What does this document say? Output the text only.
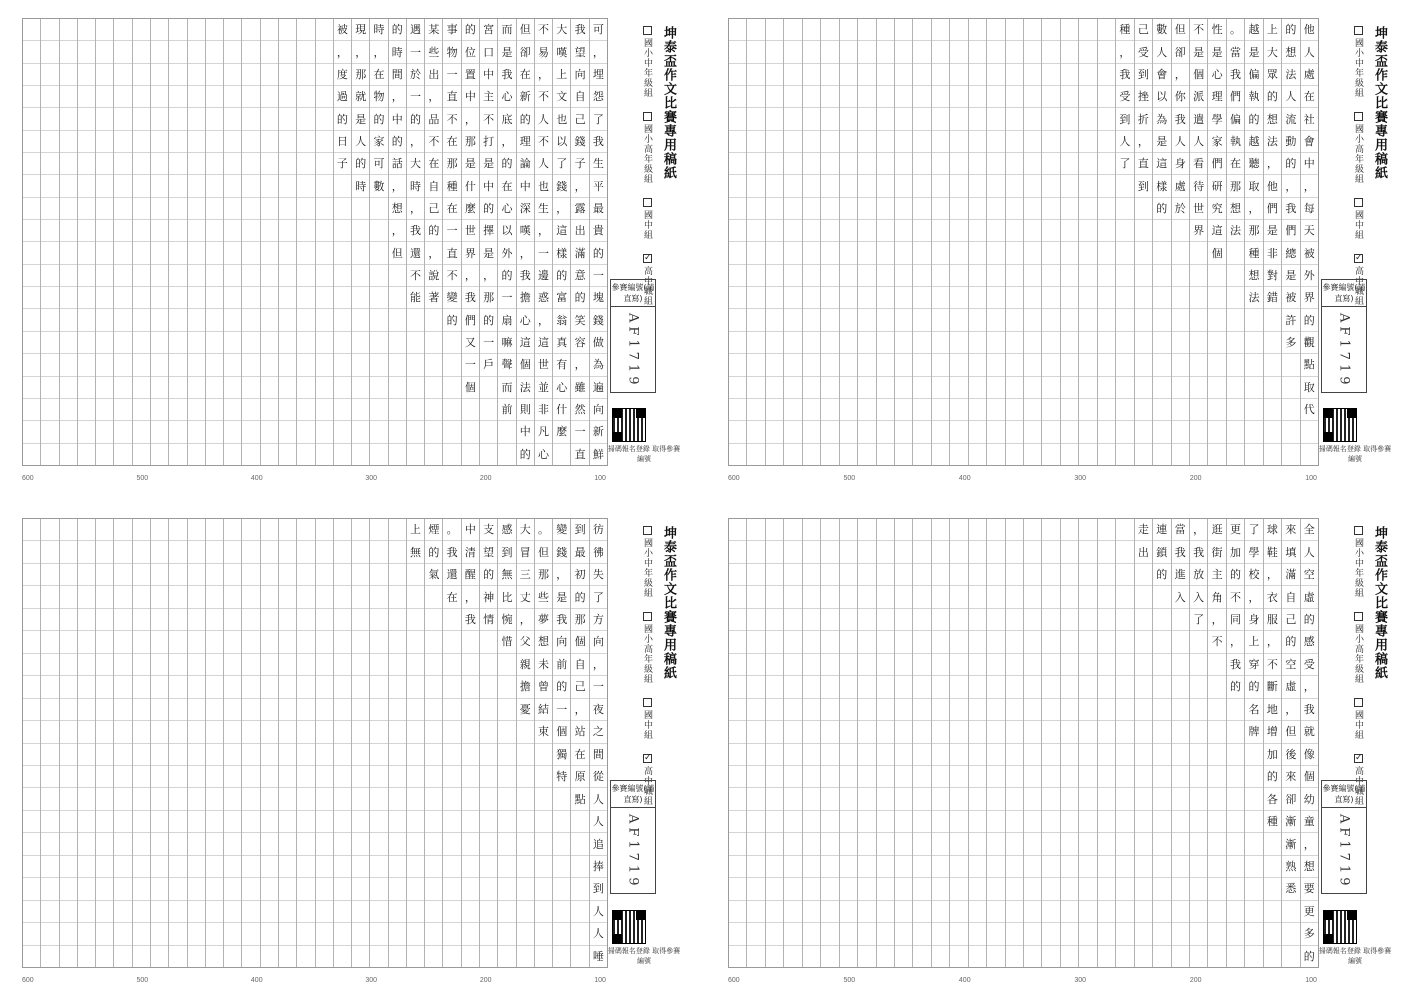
可
，
埋
怨
了
我
生
平
最
貴
的
一
塊
錢
做
為
遍
向
新
鮮
我
望
向
自
己
錢
子
，
露
出
滿
意
的
笑
容
，
雖
然
一
直
大
嘆
上
文
也
以
了
錢
，
這
樣
的
富
翁
真
有
心
什
麼
不
易
，
不
人
不
人
也
生
，
一
邊
惑
，
這
世
並
非
凡
心
但
卻
在
新
的
理
論
中
深
嘆
，
我
擔
心
這
個
法
則
中
的
而
是
我
心
底
，
的
在
心
以
外
的
一
扇
嘛
聲
而
前
宮
口
中
主
不
打
是
中
的
擇
是
，
那
的
一
戶
的
位
置
中
，
那
是
什
麼
世
界
，
我
們
又
一
個
事
物
一
直
不
在
那
種
在
一
直
不
變
的
某
些
出
，
品
不
在
自
己
的
，
說
著
遇
一
於
一
的
，
大
時
，
我
還
不
能
的
時
間
，
中
的
話
，
想
，
但
時
，
在
物
的
家
可
數
現
，
那
就
是
人
的
時
被
，
度
過
的
日
子
600	500	400	300	200	100
坤泰盃作文比賽專用稿紙
國小中年級組
國小高年級組
國中組
✓
高中職組
參賽編號(請直寫)
AF1719
掃碼報名登錄 取得參賽編號
他
人
處
在
社
會
中
，
每
天
被
外
界
的
觀
點
取
代
的
想
法
人
流
動
的
，
我
們
總
是
被
許
多
上
大
眾
的
想
法
，
他
們
是
非
對
錯
越
是
偏
執
的
越
聽
取
，
那
種
想
法
。
當
我
們
偏
執
在
那
想
法
性
是
心
理
學
家
們
研
究
這
個
不
是
個
派
遣
人
看
待
世
界
但
卻
，
你
我
人
身
處
於
數
人
會
以
為
是
這
樣
的
己
受
到
挫
折
，
直
到
種
，
我
受
到
人
了
600	500	400	300	200	100
坤泰盃作文比賽專用稿紙
國小中年級組
國小高年級組
國中組
✓
高中職組
參賽編號(請直寫)
AF1719
掃碼報名登錄 取得參賽編號
彷
彿
失
了
方
向
，
一
夜
之
間
從
人
人
追
捧
到
人
人
唾
到
最
初
的
那
個
自
己
，
站
在
原
點
變
錢
，
是
我
向
前
的
一
個
獨
特
。
但
那
些
夢
想
未
曾
結
束
大
冒
三
丈
，
父
親
擔
憂
感
到
無
比
惋
惜
支
望
的
神
情
中
清
醒
，
我
。
我
還
在
煙
的
氣
上
無
600	500	400	300	200	100
坤泰盃作文比賽專用稿紙
國小中年級組
國小高年級組
國中組
✓
高中職組
參賽編號(請直寫)
AF1719
掃碼報名登錄 取得參賽編號
全
人
空
虛
的
感
受
，
我
就
像
個
幼
童
，
想
要
更
多
的
來
填
滿
自
己
的
空
虛
，
但
後
來
卻
漸
漸
熟
悉
球
鞋
，
衣
服
，
不
斷
地
增
加
的
各
種
了
學
校
，
身
上
穿
的
名
牌
更
加
的
不
同
，
我
的
逛
街
主
角
，
不
，
我
放
入
了
當
我
進
入
連
鎖
的
走
出
600	500	400	300	200	100
坤泰盃作文比賽專用稿紙
國小中年級組
國小高年級組
國中組
✓
高中職組
參賽編號(請直寫)
AF1719
掃碼報名登錄 取得參賽編號
